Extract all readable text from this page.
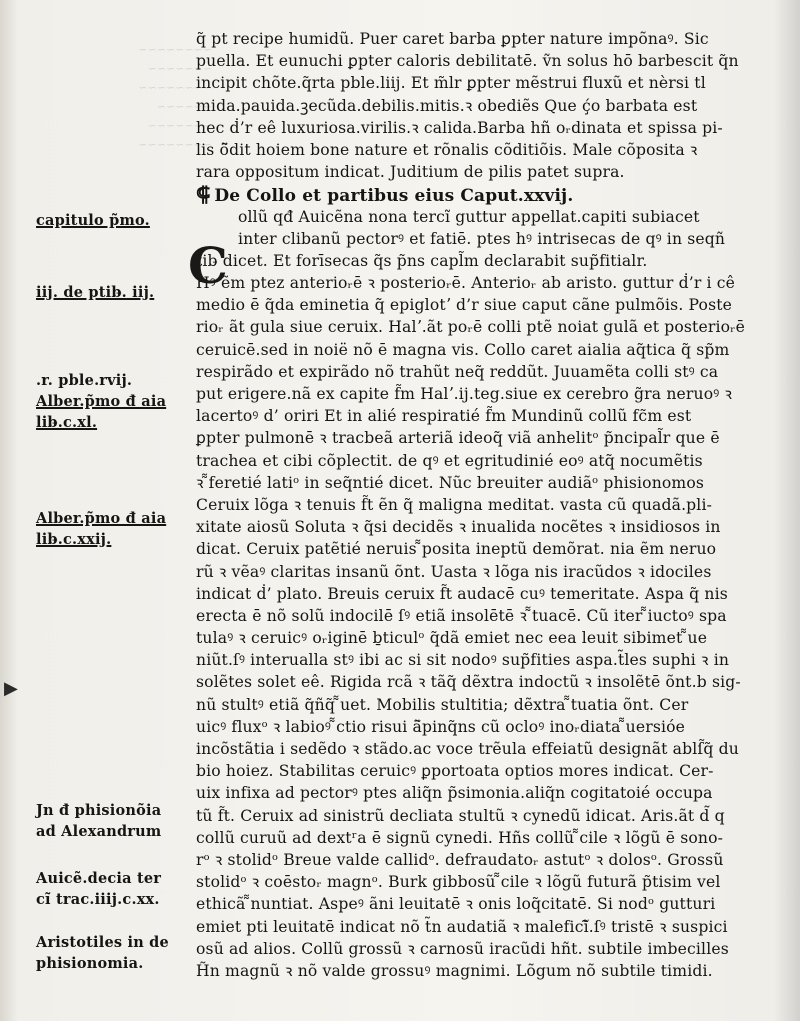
~~~~~~~~
~~~~~~~
~~~~~~~~
~~~~~~
~~~~~~~
~~~~~~~~
capitulo p̃mo.
iij. de ptib̵. iij.
.r. pble.rvij.
Alber.p̃mo đ aia
lib̵.c.xl.
Alber.p̃mo đ aia
lib̵.c.xxij.
Jn đ phisionõia
ad Alexandrum
Auicẽ.decia ter
cĩ trac.iiij.c.xx.
Aristotiles in de
phisionomia.
▶
C
q̃ pt recipe humidũ. Puer caret barba ꝑpter nature impõnaꝰ. Sic
puella. Et eunuchi ꝑpter caloris debilitatē. ṽn solus hō barbescit q̃n
incipit chõte.q̃rta pble.liij. Et m̃lr ꝑpter mẽstrui fluxũ et nèrsi tl
mida.pauida.ꝫecũda.debilis.mitis.ꝛ obediẽs Que ḉo barbata est
hec ḋ’r eê luxuriosa.virilis.ꝛ calida.Barba hñ oᵣdinata et spissa pi-
lis õ̃dit hoiem bone nature et rõnalis cõditiõis. Male cõposita ꝛ
rara oppositum indicat. Juditium de pilis patet supra.
⸿ De Collo et partibus eius Caput.xxvij.
ollũ qđ Auicẽna nona tercĩ guttur appellat.capiti subiacet
inter clibanũ pectorꝰ et fatiē. ptes hꝰ intrisecas de qꝰ in seqñ
tib̵ dicet. Et forīsecas q̃s p̃ns capl̃m declarabit sup̃fitialr.
Hꝰ ẽm ptez anterioᵣē ꝛ posterioᵣē. Anterioᵣ ab aristo. guttur ḋ’r i cê
medio ē q̃da eminetia q̃ epiglotʼ d’r siue caput cãne pulmõis. Poste
rioᵣ ãt gula siue ceruix. Halʼ.ãt poᵣē colli ptẽ noiat gulã et posterioᵣē
ceruicē.sed in noië nõ ē magna vis. Collo caret aialia aq̃tica q̃ sp̃m
respirãdo et expirãdo nõ trahũt neq̃ reddũt. Juuamẽta colli stꝰ ca
put erigere.nã ex capite f̃m Halʼ.ij.teg.siue ex cerebro g̃ra neruoꝰ ꝛ
lacertoꝰ d’ oriri Et in alié respiratié f̃m Mundinũ collũ fc̃m est
ꝑpter pulmonē ꝛ tracbeã arteriã ideoq̃ viã anhelitᵒ p̃ncipal̃r que ē
trachea et cibi cõplectit. de qꝰ et egritudinié eoꝰ atq̃ nocumẽtis
ꝛ ̃̃feretié latiᵒ in seq̃ntié dicet. Nũc breuiter audiãᵒ phisionomos
Ceruix lõga ꝛ tenuis f̃t ẽn q̃ maligna meditat. vasta cũ quadã.pli-
xitate aiosũ Soluta ꝛ q̃si decidẽs ꝛ inualida nocẽtes ꝛ insidiosos in
dicat. Ceruix patẽtié neruis ̃̃posita ineptũ demõrat. nia ẽm neruo
rũ ꝛ vẽaꝰ claritas insanũ õnt. Uasta ꝛ lõga nis iracũdos ꝛ idociles
indicat ḋ’ plato. Breuis ceruix f̃t audacē cuꝰ temeritate. Aspa q̃ nis
erecta ē nõ solũ indocilē ſꝰ etiã insolētē ꝛ ̃̃tuacē. Cũ iter ̃̃iuctoꝰ spa
tulaꝰ ꝛ ceruicꝰ oᵣiginē ḇticulᵒ q̃dã emiet nec eea leuit sibimet ̃̃ue
niũt.ſꝰ interualla stꝰ ibi ac si sit nodoꝰ sup̃fities aspa.t̃les suphi ꝛ in
solẽtes solet eê. Rigida rcã ꝛ tãq̃ dẽxtra indoctũ ꝛ insolẽtē õnt.b sig-
nũ stultꝰ etiã q̃ñq̃ ̃̃uet. Mobilis stultitia; dẽxtra ̃̃tuatia õnt. Cer
uicꝰ fluxᵒ ꝛ labioꝰ ̃̃ctio risui ã̃pinq̃ns cũ ocloꝰ inoᵣdiata ̃̃uersióe
incõstãtia i sedẽdo ꝛ stãdo.ac voce trẽula effeiatũ designãt ablſ̃q̃ du
bio hoiez. Stabilitas ceruicꝰ ꝑportoata optios mores indicat. Cer-
uix infixa ad pectorꝰ ptes aliq̃n p̃simonia.aliq̃n cogitatoié occupa
tũ f̃t. Ceruix ad sinistrũ decliata stultũ ꝛ cynedũ idicat. Aris.ãt d̃ q
collũ curuũ ad dextʳa ē signũ cynedi. Hñs collũ ̃̃cile ꝛ lõgũ ē sono-
rᵒ ꝛ stolidᵒ Breue valde callidᵒ. defraudatoᵣ astutᵒ ꝛ dolosᵒ. Grossũ
stolidᵒ ꝛ coēstoᵣ magnᵒ. Burk gibbosũ ̃̃cile ꝛ lõgũ futurã p̃tisim vel
ethicã ̃̃nuntiat. Aspeꝰ ãni leuitatē ꝛ onis loq̃citatē. Si nodᵒ gutturi
emiet pti leuitatē indicat nõ t̃n audatiã ꝛ maleficĩ̃.ſꝰ tristē ꝛ suspici
osũ ad alios. Collũ grossũ ꝛ carnosũ iracũdi hñt. subtile imbecilles
H̃n magnũ ꝛ nõ valde grossuꝰ magnimi. Lõgum nõ subtile timidi.
